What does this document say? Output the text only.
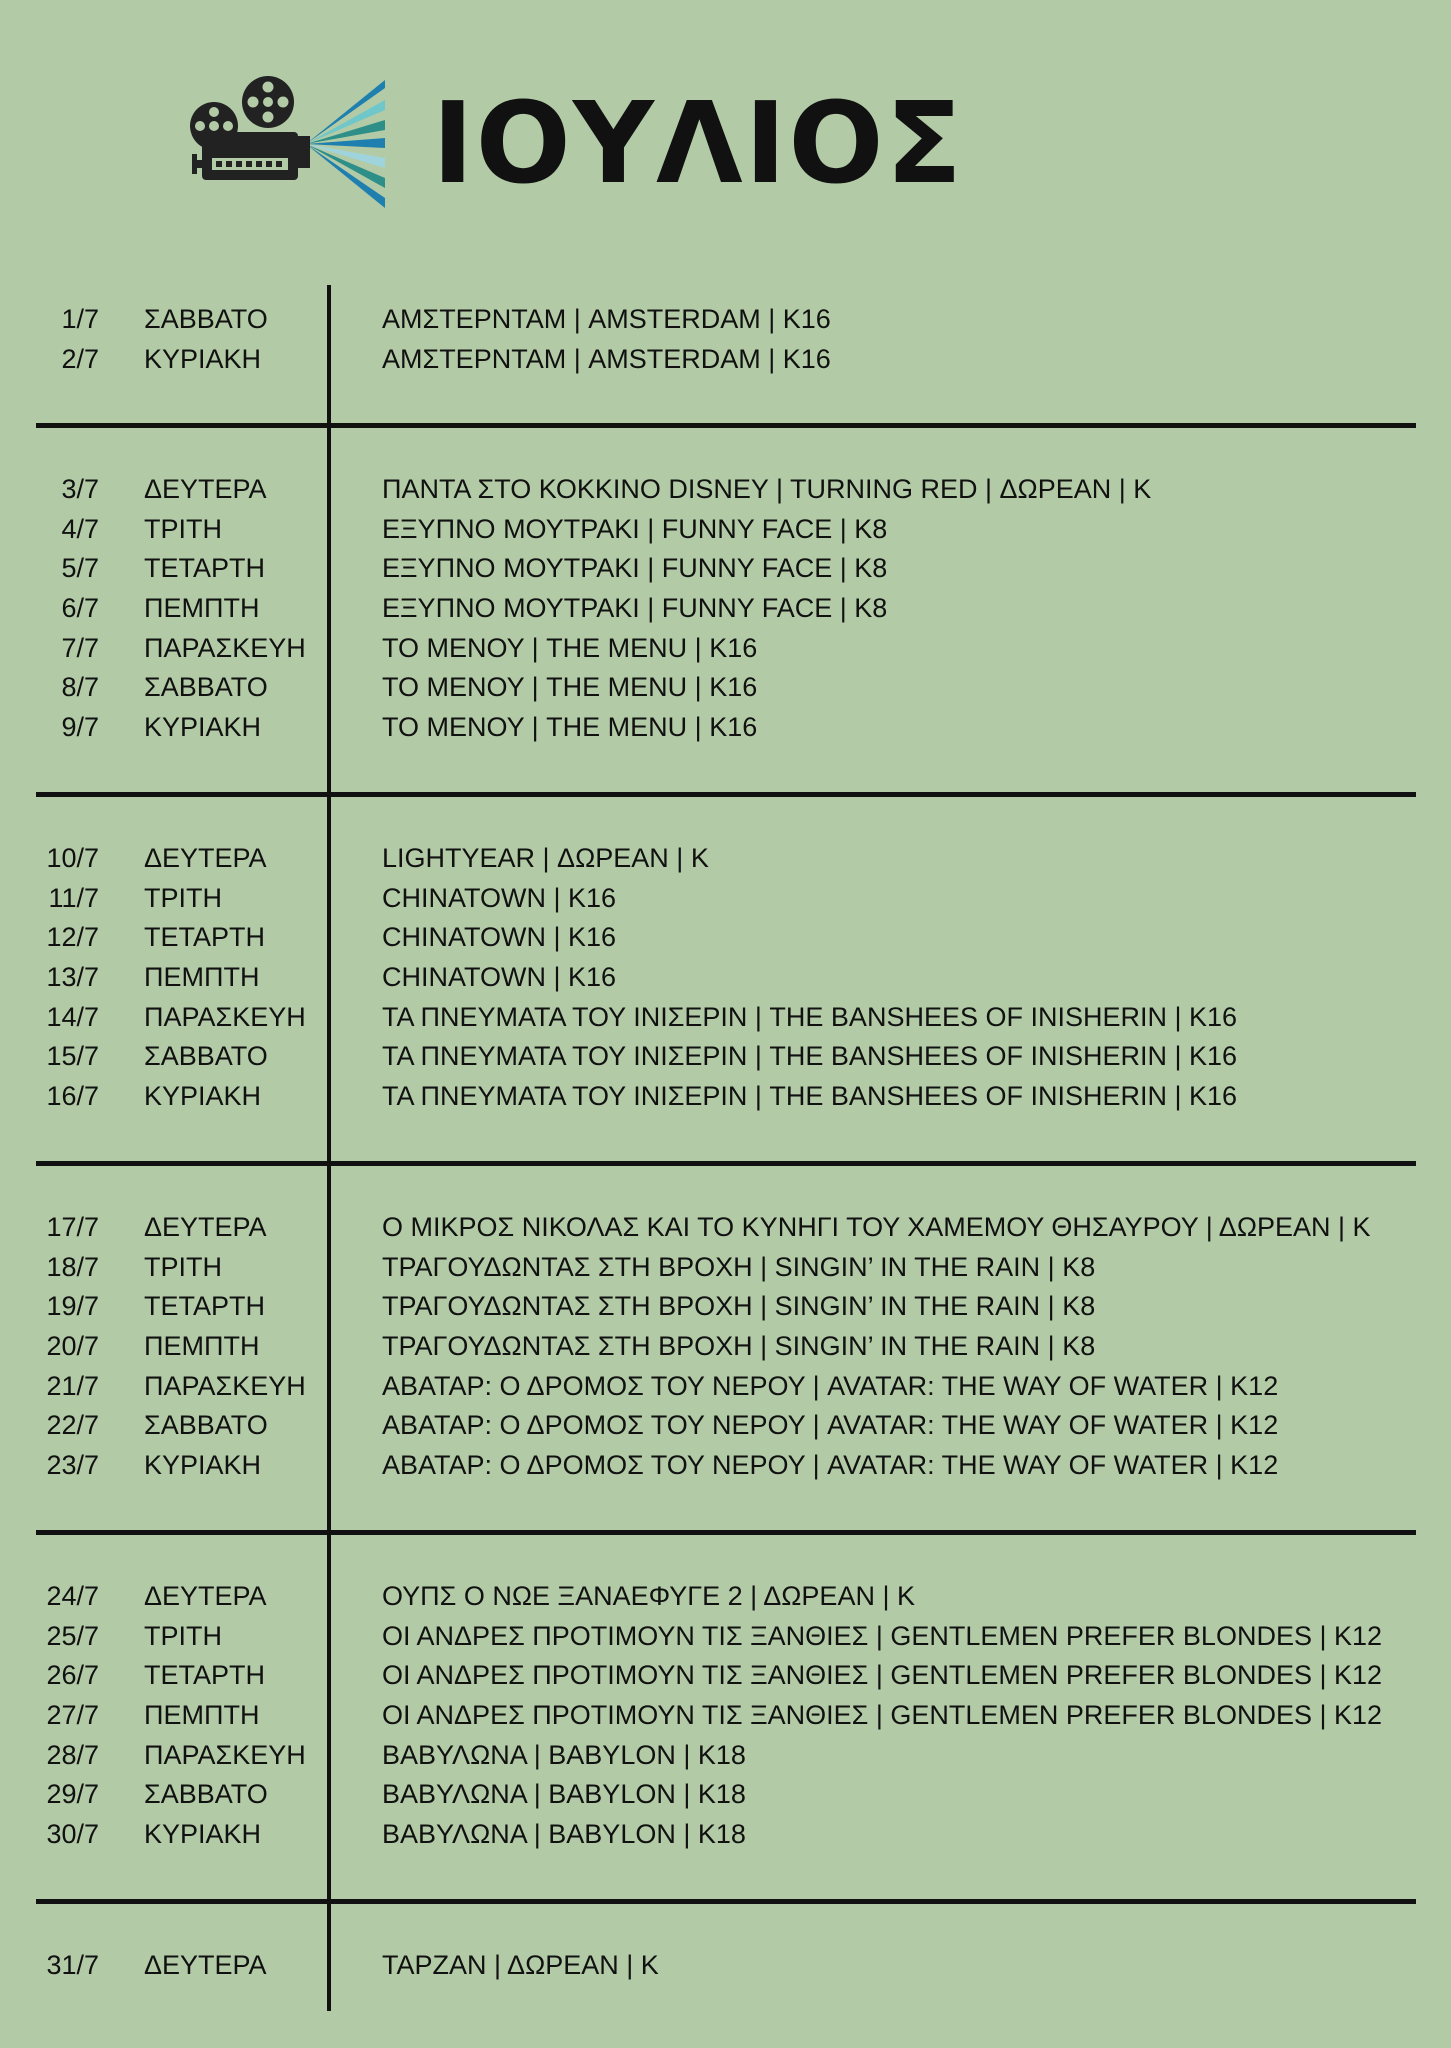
ΙΟΥΛΙΟΣ
1/7 ΣΑΒΒΑΤΟ	ΑΜΣΤΕΡΝΤΑΜ | AMSTERDAM | Κ16
2/7 ΚΥΡΙΑΚΗ	ΑΜΣΤΕΡΝΤΑΜ | AMSTERDAM | Κ16
3/7 ΔΕΥΤΕΡΑ	ΠΑΝΤΑ ΣΤΟ ΚΟΚΚΙΝΟ DISNEY | TURNING RED | ΔΩΡΕΑΝ | Κ
4/7 ΤΡΙΤΗ	ΕΞΥΠΝΟ ΜΟΥΤΡΑΚΙ | FUNNY FACE | Κ8
5/7 ΤΕΤΑΡΤΗ	ΕΞΥΠΝΟ ΜΟΥΤΡΑΚΙ | FUNNY FACE | Κ8
6/7 ΠΕΜΠΤΗ	ΕΞΥΠΝΟ ΜΟΥΤΡΑΚΙ | FUNNY FACE | Κ8
7/7 ΠΑΡΑΣΚΕΥΗ	ΤΟ ΜΕΝΟΥ | THE MENU | Κ16
8/7 ΣΑΒΒΑΤΟ	ΤΟ ΜΕΝΟΥ | THE MENU | Κ16
9/7 ΚΥΡΙΑΚΗ	ΤΟ ΜΕΝΟΥ | THE MENU | Κ16
10/7 ΔΕΥΤΕΡΑ	LIGHTYEAR | ΔΩΡΕΑΝ | Κ
11/7 ΤΡΙΤΗ	CHINATOWN | Κ16
12/7 ΤΕΤΑΡΤΗ	CHINATOWN | Κ16
13/7 ΠΕΜΠΤΗ	CHINATOWN | Κ16
14/7 ΠΑΡΑΣΚΕΥΗ	ΤΑ ΠΝΕΥΜΑΤΑ ΤΟΥ ΙΝΙΣΕΡΙΝ | THE BANSHEES OF INISHERIN | Κ16
15/7 ΣΑΒΒΑΤΟ	ΤΑ ΠΝΕΥΜΑΤΑ ΤΟΥ ΙΝΙΣΕΡΙΝ | THE BANSHEES OF INISHERIN | Κ16
16/7 ΚΥΡΙΑΚΗ	ΤΑ ΠΝΕΥΜΑΤΑ ΤΟΥ ΙΝΙΣΕΡΙΝ | THE BANSHEES OF INISHERIN | Κ16
17/7 ΔΕΥΤΕΡΑ	Ο ΜΙΚΡΟΣ ΝΙΚΟΛΑΣ ΚΑΙ ΤΟ ΚΥΝΗΓΙ ΤΟΥ ΧΑΜΕΜΟΥ ΘΗΣΑΥΡΟΥ | ΔΩΡΕΑΝ | Κ
18/7 ΤΡΙΤΗ	ΤΡΑΓΟΥΔΩΝΤΑΣ ΣΤΗ ΒΡΟΧΗ | SINGIN’ IN THE RAIN | Κ8
19/7 ΤΕΤΑΡΤΗ	ΤΡΑΓΟΥΔΩΝΤΑΣ ΣΤΗ ΒΡΟΧΗ | SINGIN’ IN THE RAIN | Κ8
20/7 ΠΕΜΠΤΗ	ΤΡΑΓΟΥΔΩΝΤΑΣ ΣΤΗ ΒΡΟΧΗ | SINGIN’ IN THE RAIN | Κ8
21/7 ΠΑΡΑΣΚΕΥΗ	ΑΒΑΤΑΡ: Ο ΔΡΟΜΟΣ ΤΟΥ ΝΕΡΟΥ | AVATAR: THE WAY OF WATER | Κ12
22/7 ΣΑΒΒΑΤΟ	ΑΒΑΤΑΡ: Ο ΔΡΟΜΟΣ ΤΟΥ ΝΕΡΟΥ | AVATAR: THE WAY OF WATER | Κ12
23/7 ΚΥΡΙΑΚΗ	ΑΒΑΤΑΡ: Ο ΔΡΟΜΟΣ ΤΟΥ ΝΕΡΟΥ | AVATAR: THE WAY OF WATER | Κ12
24/7 ΔΕΥΤΕΡΑ	ΟΥΠΣ Ο ΝΩΕ ΞΑΝΑΕΦΥΓΕ 2 | ΔΩΡΕΑΝ | Κ
25/7 ΤΡΙΤΗ	ΟΙ ΑΝΔΡΕΣ ΠΡΟΤΙΜΟΥΝ ΤΙΣ ΞΑΝΘΙΕΣ | GENTLEMEN PREFER BLONDES | Κ12
26/7 ΤΕΤΑΡΤΗ	ΟΙ ΑΝΔΡΕΣ ΠΡΟΤΙΜΟΥΝ ΤΙΣ ΞΑΝΘΙΕΣ | GENTLEMEN PREFER BLONDES | Κ12
27/7 ΠΕΜΠΤΗ	ΟΙ ΑΝΔΡΕΣ ΠΡΟΤΙΜΟΥΝ ΤΙΣ ΞΑΝΘΙΕΣ | GENTLEMEN PREFER BLONDES | Κ12
28/7 ΠΑΡΑΣΚΕΥΗ	ΒΑΒΥΛΩΝΑ | BABYLON | Κ18
29/7 ΣΑΒΒΑΤΟ	ΒΑΒΥΛΩΝΑ | BABYLON | Κ18
30/7 ΚΥΡΙΑΚΗ	ΒΑΒΥΛΩΝΑ | BABYLON | Κ18
31/7 ΔΕΥΤΕΡΑ	ΤΑΡΖΑΝ | ΔΩΡΕΑΝ | Κ
